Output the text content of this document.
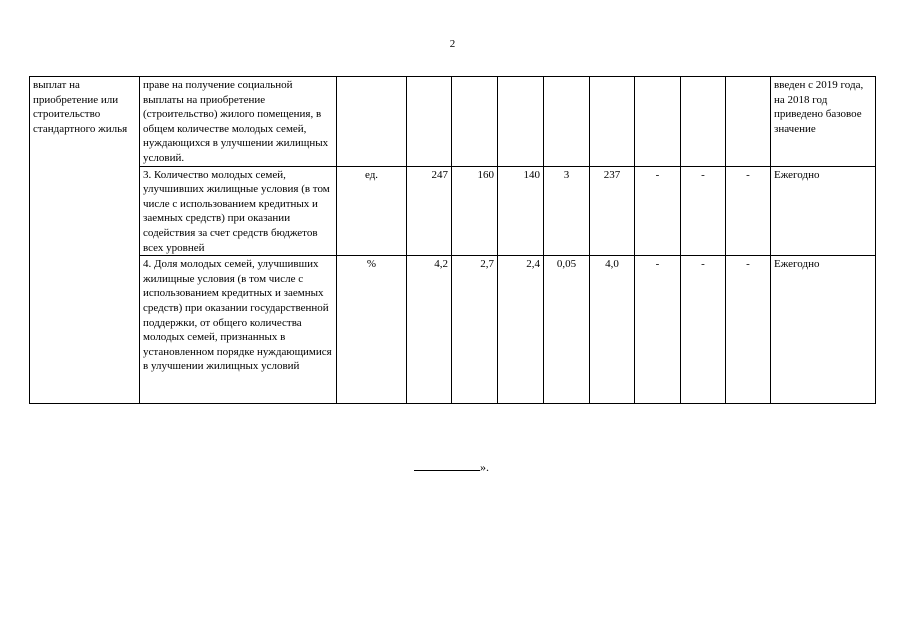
2
выплат на приобретение или строительство стандартного жилья	праве на получение социальной выплаты на приобретение (строительство) жилого помещения, в общем количестве молодых семей, нуждающихся в улучшении жилищных условий.										введен с 2019 года, на 2018 год приведено базовое значение
	3. Количество молодых семей, улучшивших жилищные условия (в том числе с использованием кредитных и заемных средств) при оказании содействия за счет средств бюджетов всех уровней	ед.	247	160	140	3	237	-	-	-	Ежегодно
	4. Доля молодых семей, улучшивших жилищные условия (в том числе с использованием кредитных и заемных средств) при оказании государственной поддержки, от общего количества молодых семей, признанных в установленном порядке нуждающимися в улучшении жилищных условий	%	4,2	2,7	2,4	0,05	4,0	-	-	-	Ежегодно
».
